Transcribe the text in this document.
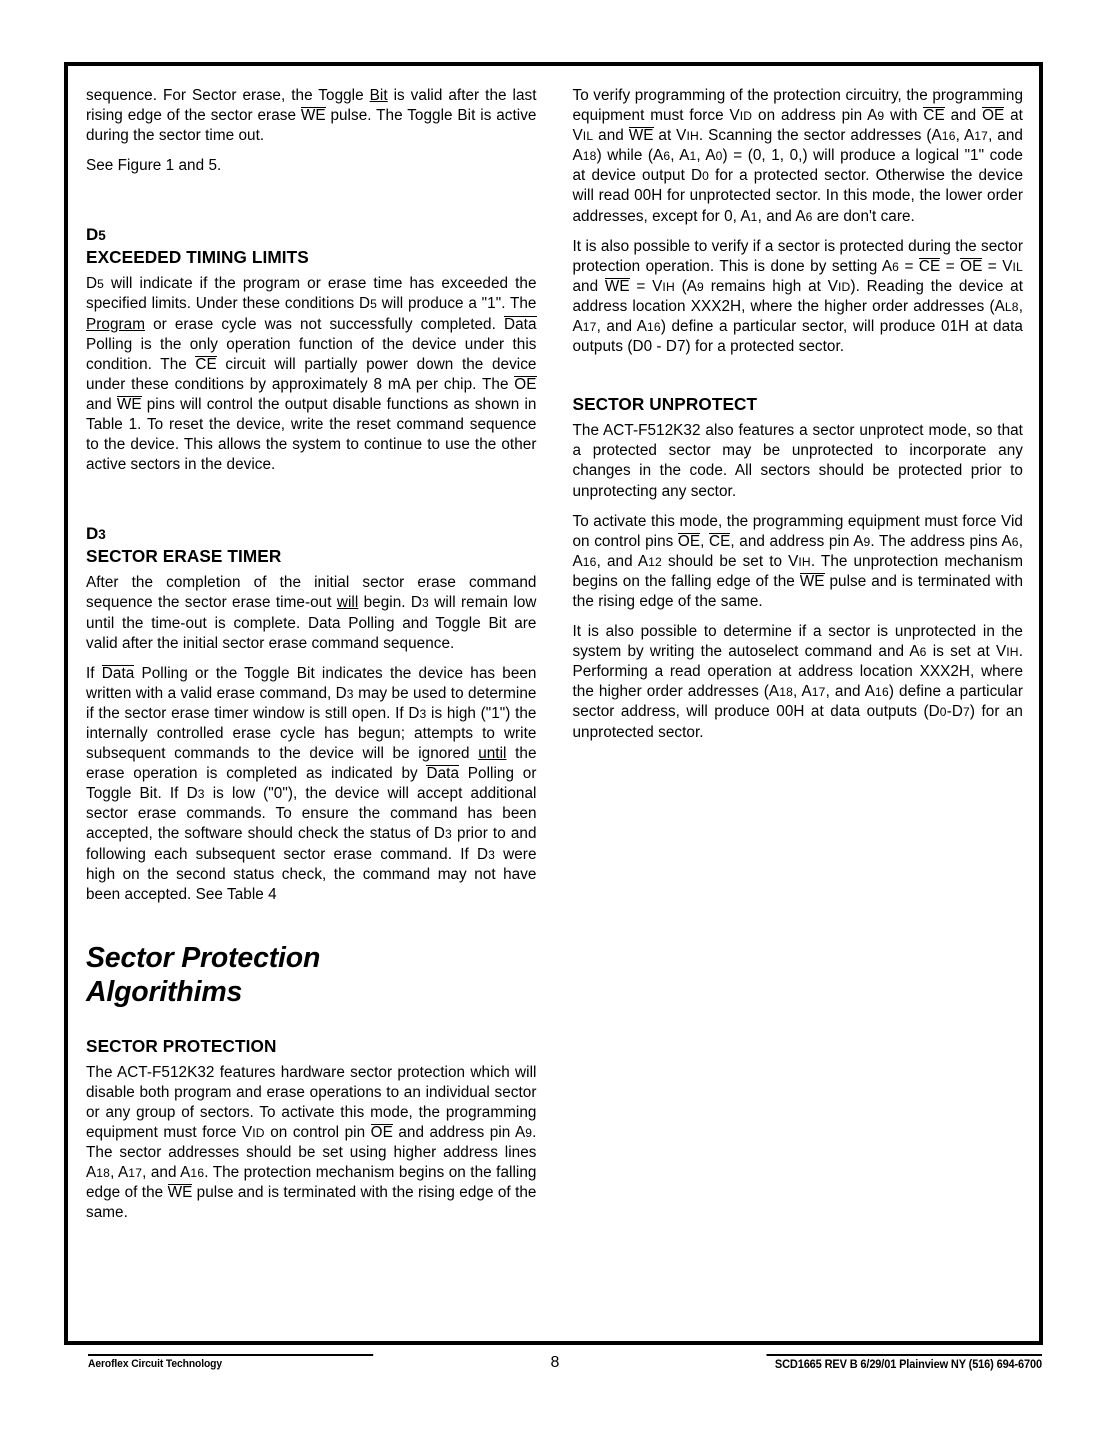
sequence. For Sector erase, the Toggle Bit is valid after the last rising edge of the sector erase WE pulse. The Toggle Bit is active during the sector time out.

See Figure 1 and 5.

D5

EXCEEDED TIMING LIMITS

D5 will indicate if the program or erase time has exceeded the specified limits. Under these conditions D5 will produce a "1". The Program or erase cycle was not successfully completed. Data Polling is the only operation function of the device under this condition. The CE circuit will partially power down the device under these conditions by approximately 8 mA per chip. The OE and WE pins will control the output disable functions as shown in Table 1. To reset the device, write the reset command sequence to the device. This allows the system to continue to use the other active sectors in the device.

D3

SECTOR ERASE TIMER

After the completion of the initial sector erase command sequence the sector erase time-out will begin. D3 will remain low until the time-out is complete. Data Polling and Toggle Bit are valid after the initial sector erase command sequence.

If Data Polling or the Toggle Bit indicates the device has been written with a valid erase command, D3 may be used to determine if the sector erase timer window is still open. If D3 is high ("1") the internally controlled erase cycle has begun; attempts to write subsequent commands to the device will be ignored until the erase operation is completed as indicated by Data Polling or Toggle Bit. If D3 is low ("0"), the device will accept additional sector erase commands. To ensure the command has been accepted, the software should check the status of D3 prior to and following each subsequent sector erase command. If D3 were high on the second status check, the command may not have been accepted. See Table 4

Sector Protection
Algorithims
SECTOR PROTECTION

The ACT-F512K32 features hardware sector protection which will disable both program and erase operations to an individual sector or any group of sectors. To activate this mode, the programming equipment must force VID on control pin OE and address pin A9. The sector addresses should be set using higher address lines A18, A17, and A16. The protection mechanism begins on the falling edge of the WE pulse and is terminated with the rising edge of the same.

To verify programming of the protection circuitry, the programming equipment must force VID on address pin A9 with CE and OE at VIL and WE at VIH. Scanning the sector addresses (A16, A17, and A18) while (A6, A1, A0) = (0, 1, 0,) will produce a logical "1" code at device output D0 for a protected sector. Otherwise the device will read 00H for unprotected sector. In this mode, the lower order addresses, except for 0, A1, and A6 are don't care.

It is also possible to verify if a sector is protected during the sector protection operation. This is done by setting A6 = CE = OE = VIL and WE = VIH (A9 remains high at VID). Reading the device at address location XXX2H, where the higher order addresses (AL8, A17, and A16) define a particular sector, will produce 01H at data outputs (D0 - D7) for a protected sector.

SECTOR UNPROTECT

The ACT-F512K32 also features a sector unprotect mode, so that a protected sector may be unprotected to incorporate any changes in the code. All sectors should be protected prior to unprotecting any sector.

To activate this mode, the programming equipment must force Vid on control pins OE, CE, and address pin A9. The address pins A6, A16, and A12 should be set to VIH. The unprotection mechanism begins on the falling edge of the WE pulse and is terminated with the rising edge of the same.

It is also possible to determine if a sector is unprotected in the system by writing the autoselect command and A6 is set at VIH. Performing a read operation at address location XXX2H, where the higher order addresses (A18, A17, and A16) define a particular sector address, will produce 00H at data outputs (D0-D7) for an unprotected sector.

Aeroflex Circuit Technology	8	SCD1665 REV B 6/29/01 Plainview NY (516) 694-6700
